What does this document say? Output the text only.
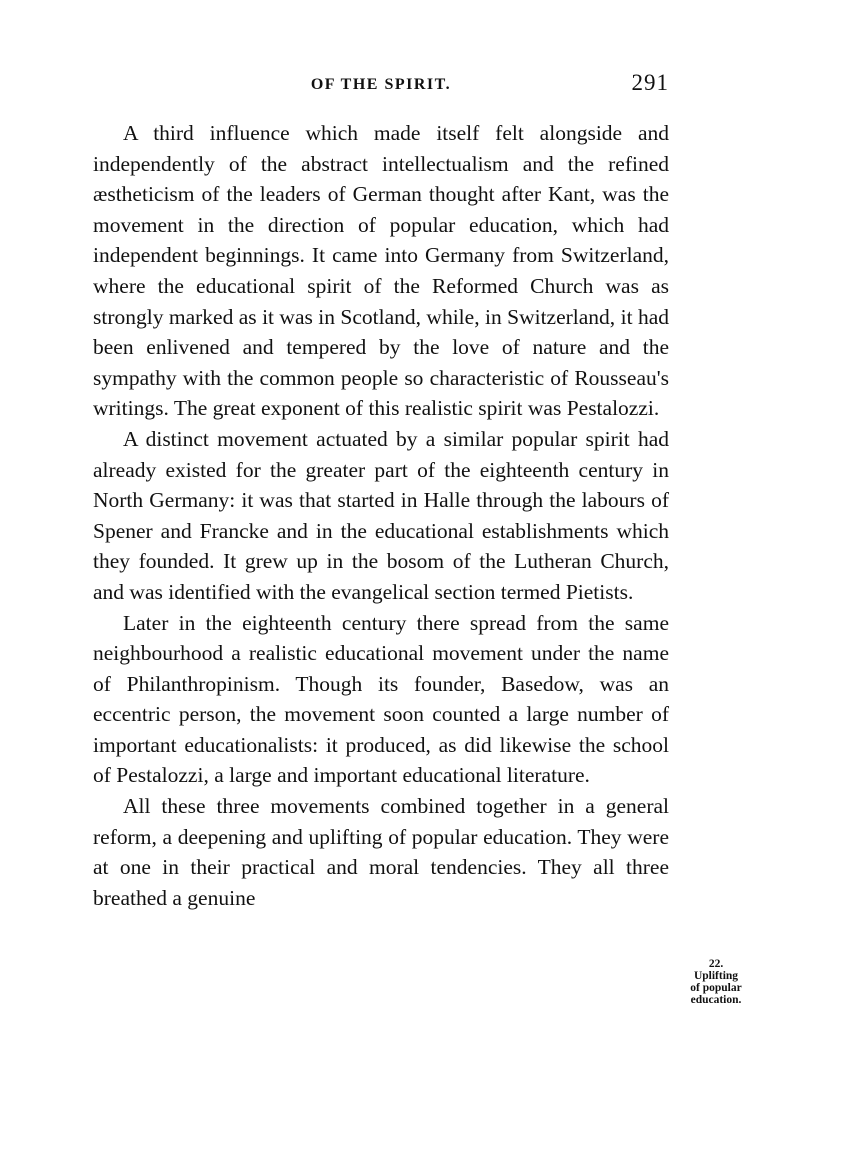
OF THE SPIRIT.	291

A third influence which made itself felt alongside and independently of the abstract intellectualism and the refined æstheticism of the leaders of German thought after Kant, was the movement in the direction of popular education, which had independent beginnings. It came into Germany from Switzerland, where the educational spirit of the Reformed Church was as strongly marked as it was in Scotland, while, in Switzerland, it had been enlivened and tempered by the love of nature and the sympathy with the common people so characteristic of Rousseau's writings. The great exponent of this realistic spirit was Pestalozzi.

A distinct movement actuated by a similar popular spirit had already existed for the greater part of the eighteenth century in North Germany: it was that started in Halle through the labours of Spener and Francke and in the educational establishments which they founded. It grew up in the bosom of the Lutheran Church, and was identified with the evangelical section termed Pietists.

Later in the eighteenth century there spread from the same neighbourhood a realistic educational movement under the name of Philanthropinism. Though its founder, Basedow, was an eccentric person, the movement soon counted a large number of important educationalists: it produced, as did likewise the school of Pestalozzi, a large and important educational literature.

All these three movements combined together in a general reform, a deepening and uplifting of popular education. They were at one in their practical and moral tendencies. They all three breathed a genuine

22.
Uplifting
of popular
education.
